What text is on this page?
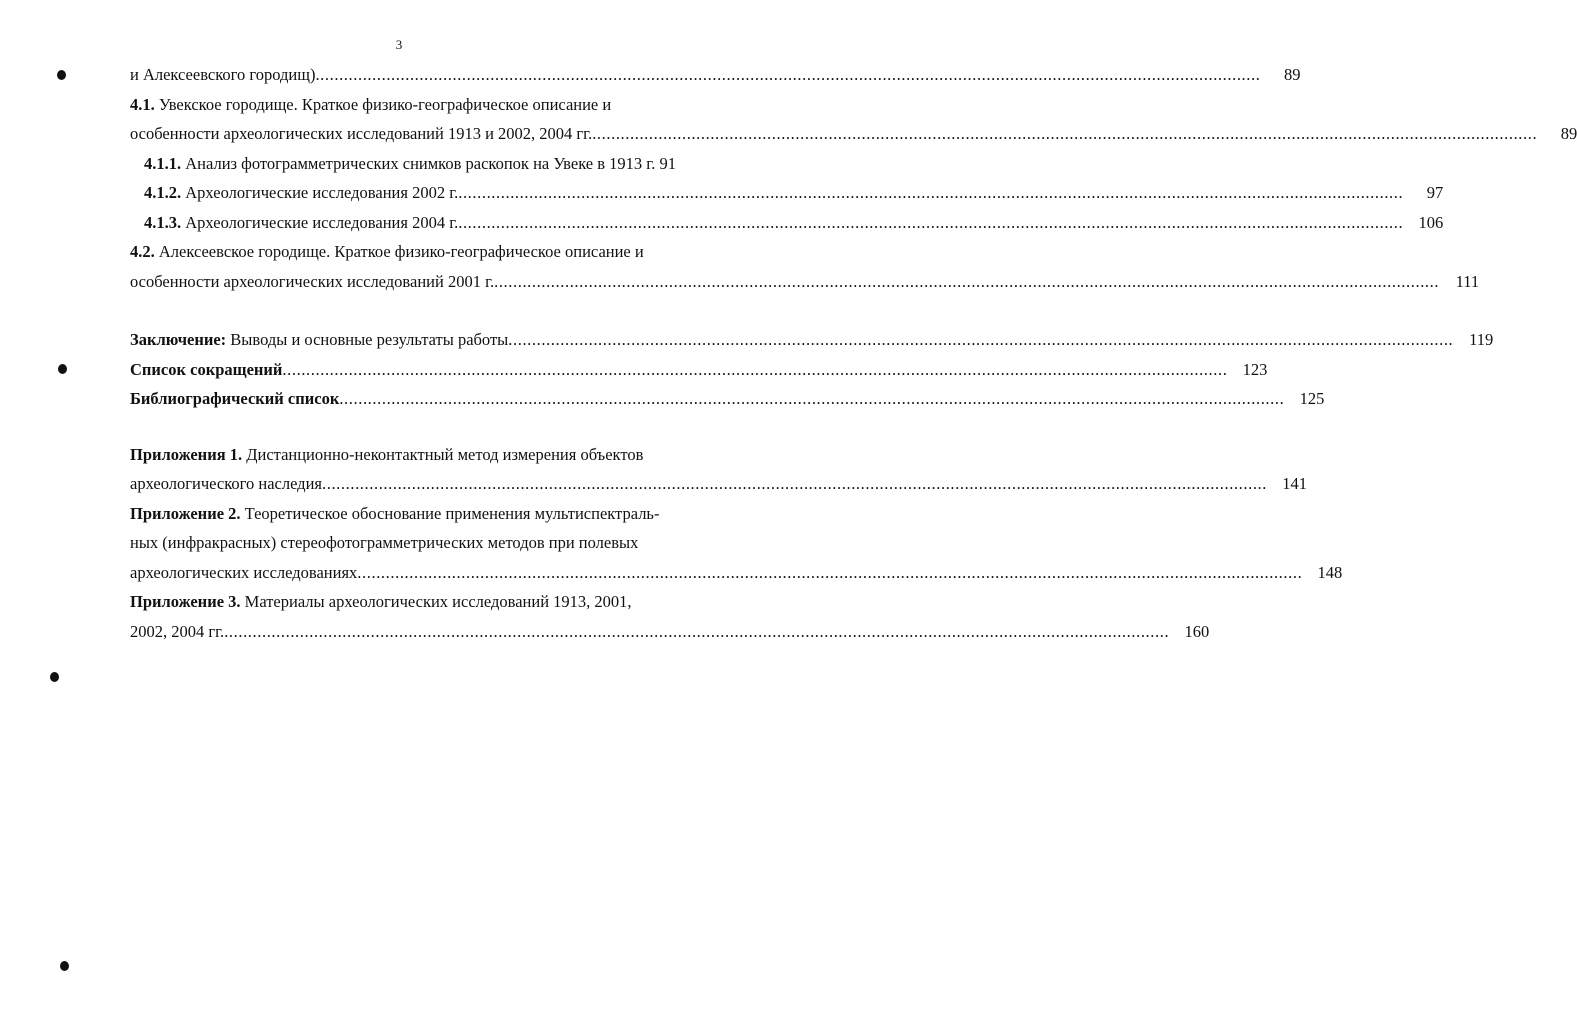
3
и Алексеевского городищ) ........................................................................................................................................................................................................	89
4.1. Увекское городище. Краткое физико-географическое описание и
особенности археологических исследований 1913 и 2002, 2004 гг. ........................................................................................................................................................................................................	89
4.1.1. Анализ фотограмметрических снимков раскопок на Увеке в 1913 г. 91
4.1.2. Археологические исследования 2002 г. ........................................................................................................................................................................................................	97
4.1.3. Археологические исследования 2004 г. ........................................................................................................................................................................................................ 106
4.2. Алексеевское городище. Краткое физико-географическое описание и
особенности археологических исследований 2001 г. ........................................................................................................................................................................................................ 111
Заключение: Выводы и основные результаты работы ........................................................................................................................................................................................................ 119
Список сокращений ........................................................................................................................................................................................................ 123
Библиографический список ........................................................................................................................................................................................................ 125
Приложения 1. Дистанционно-неконтактный метод измерения объектов
археологического наследия ........................................................................................................................................................................................................ 141
Приложение 2. Теоретическое обоснование применения мультиспектраль-
ных (инфракрасных) стереофотограмметрических методов при полевых
археологических исследованиях ........................................................................................................................................................................................................ 148
Приложение 3. Материалы археологических исследований 1913, 2001,
2002, 2004 гг. ........................................................................................................................................................................................................ 160
